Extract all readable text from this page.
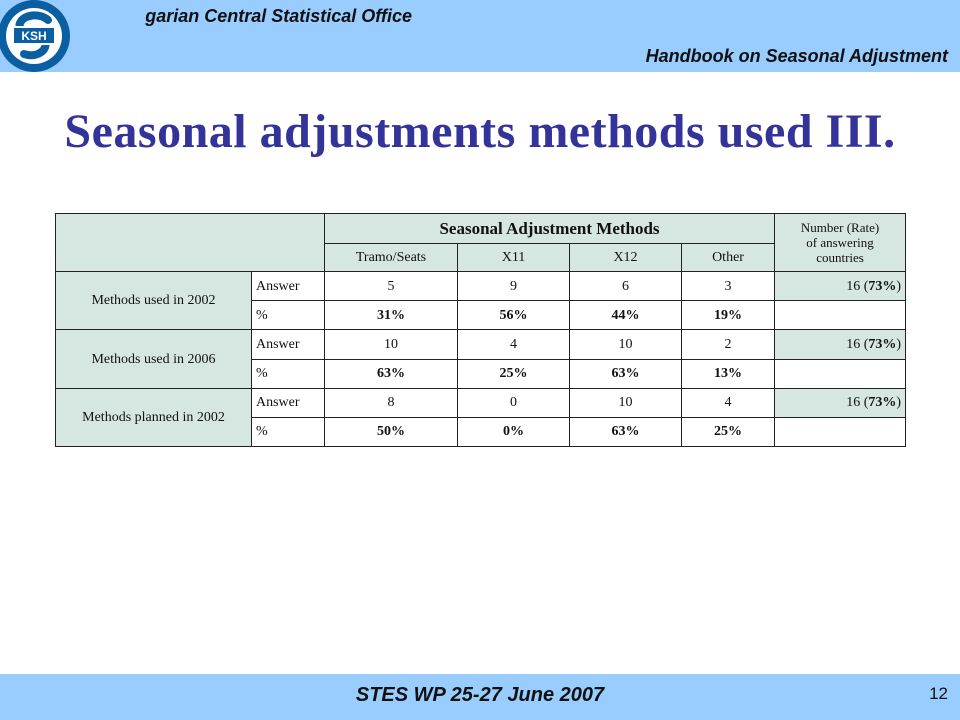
garian Central Statistical Office
Handbook on Seasonal Adjustment
KSH
Seasonal adjustments methods used III.
		Seasonal Adjustment Methods				Number (Rate)
of answering
countries

		Tramo/Seats	X11	X12	Other	
Methods used in 2002	Answer	5	9	6	3	16 (73%)
	%	31%	56%	44%	19%	
Methods used in 2006	Answer	10	4	10	2	16 (73%)
	%	63%	25%	63%	13%	
Methods planned in 2002	Answer	8	0	10	4	16 (73%)
	%	50%	0%	63%	25%	
STES WP 25-27 June 2007	12
